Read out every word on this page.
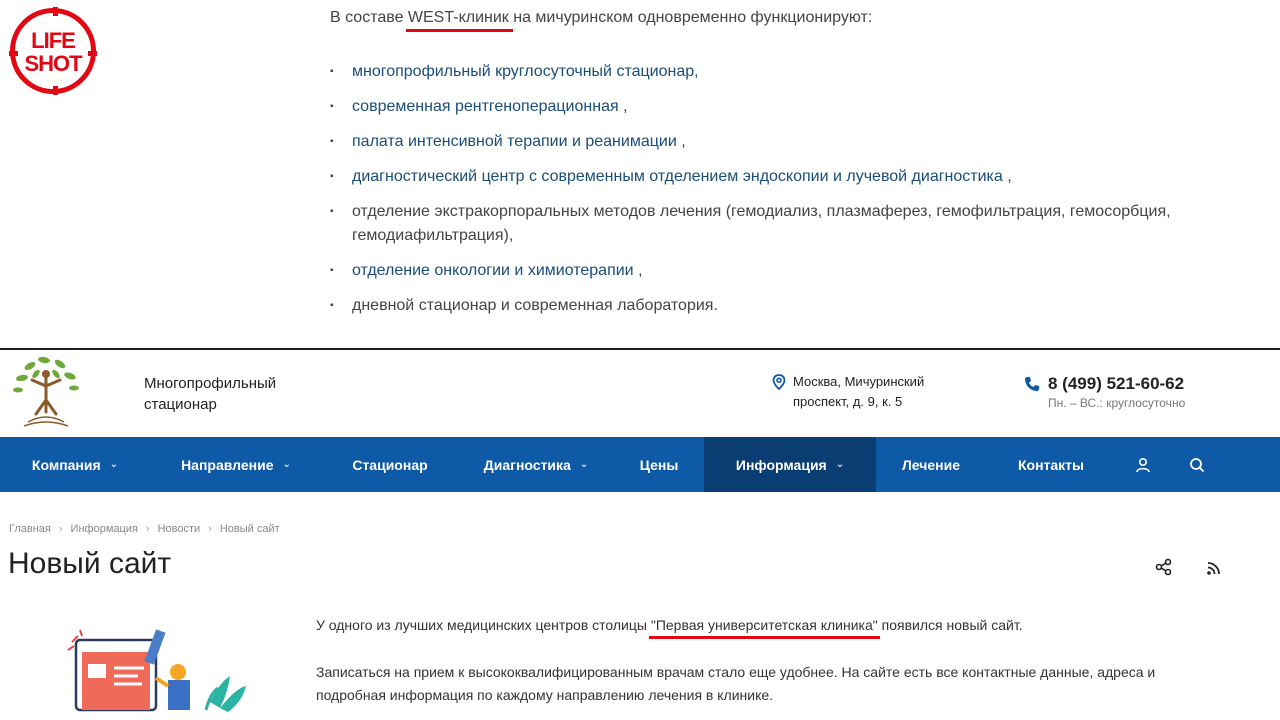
LIFE
SHOT
В составе WEST-клиник на мичуринском одновременно функционируют:
▪ многопрофильный круглосуточный стационар,
▪ современная рентгеноперационная ,
▪ палата интенсивной терапии и реанимации ,
▪ диагностический центр с современным отделением эндоскопии и лучевой диагностика ,
▪ отделение экстракорпоральных методов лечения (гемодиализ, плазмаферез, гемофильтрация, гемосорбция, гемодиафильтрация),
▪ отделение онкологии и химиотерапии ,
▪ дневной стационар и современная лаборатория.
Многопрофильный
стационар
Москва, Мичуринский
проспект, д. 9, к. 5
8 (499) 521-60-62
Пн. – ВС.: круглосуточно
Компания ⌄	Направление ⌄	Стационар	Диагностика ⌄	Цены	Информация ⌄	Лечение	Контакты
Главная › Информация › Новости › Новый сайт
Новый сайт

У одного из лучших медицинских центров столицы "Первая университетская клиника" появился новый сайт.

Записаться на прием к высококвалифицированным врачам стало еще удобнее. На сайте есть все контактные данные, адреса и подробная информация по каждому направлению лечения в клинике.
